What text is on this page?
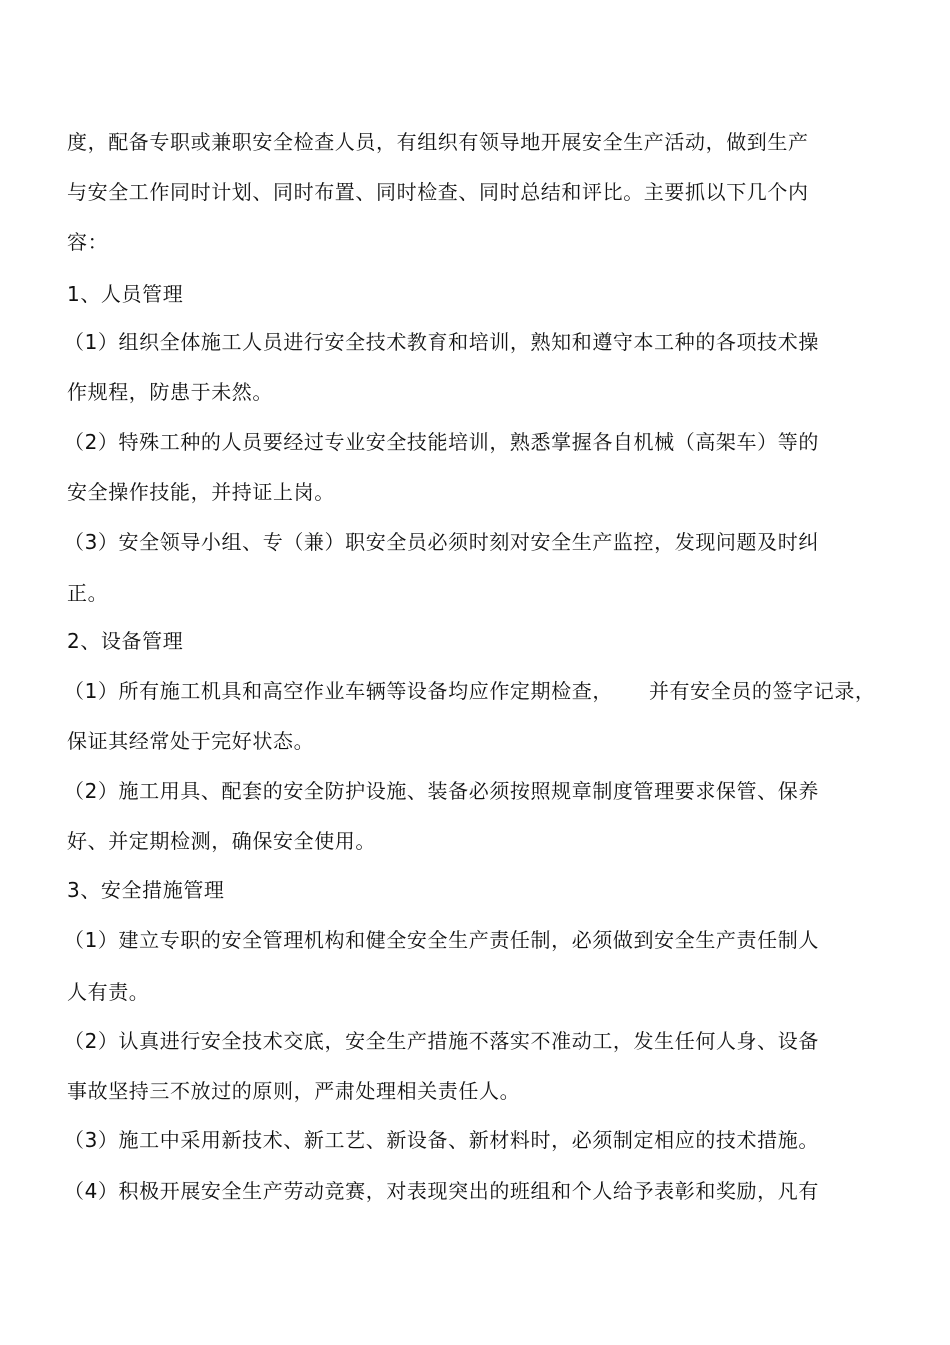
度，配备专职或兼职安全检查人员，有组织有领导地开展安全生产活动，做到生产
与安全工作同时计划、同时布置、同时检查、同时总结和评比。主要抓以下几个内
容：
1、人员管理
（1）组织全体施工人员进行安全技术教育和培训，熟知和遵守本工种的各项技术操
作规程，防患于未然。
（2）特殊工种的人员要经过专业安全技能培训，熟悉掌握各自机械（高架车）等的
安全操作技能，并持证上岗。
（3）安全领导小组、专（兼）职安全员必须时刻对安全生产监控，发现问题及时纠
正。
2、设备管理
（1）所有施工机具和高空作业车辆等设备均应作定期检查， 并有安全员的签字记录，
保证其经常处于完好状态。
（2）施工用具、配套的安全防护设施、装备必须按照规章制度管理要求保管、保养
好、并定期检测，确保安全使用。
3、安全措施管理
（1）建立专职的安全管理机构和健全安全生产责任制，必须做到安全生产责任制人
人有责。
（2）认真进行安全技术交底，安全生产措施不落实不准动工，发生任何人身、设备
事故坚持三不放过的原则，严肃处理相关责任人。
（3）施工中采用新技术、新工艺、新设备、新材料时，必须制定相应的技术措施。
（4）积极开展安全生产劳动竞赛，对表现突出的班组和个人给予表彰和奖励，凡有
